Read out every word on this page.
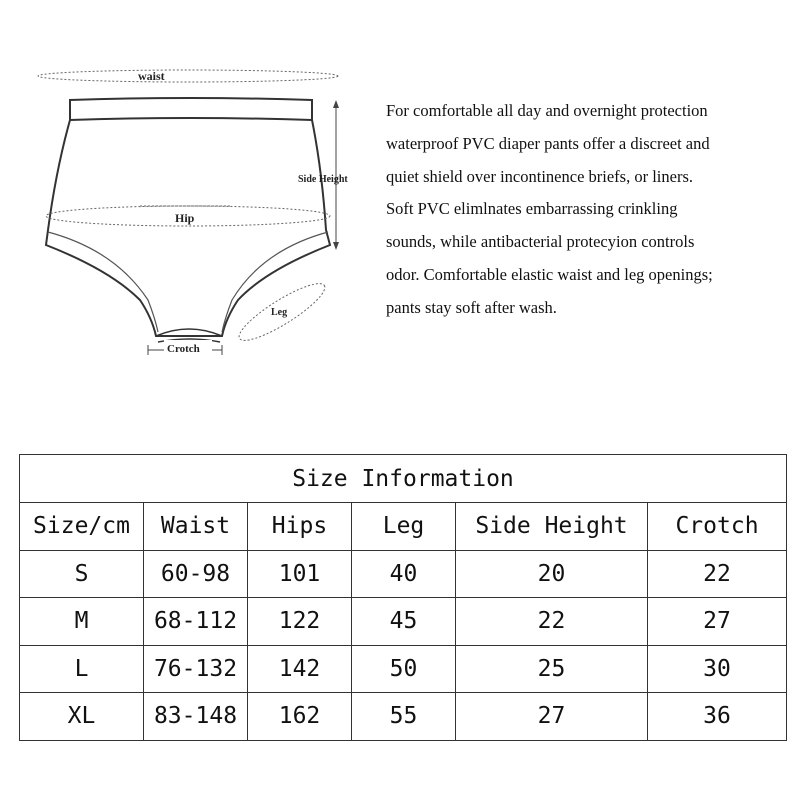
waist
Hip
Side Height
Leg
Crotch
For comfortable all day and overnight protection
waterproof PVC diaper pants offer a discreet and
quiet shield over incontinence briefs, or liners.
Soft PVC elimlnates embarrassing crinkling
sounds, while antibacterial protecyion controls
odor. Comfortable elastic waist and leg openings;
pants stay soft after wash.
Size Information					
Size/cm	Waist	Hips	Leg	Side Height	Crotch
S	60-98	101	40	20	22
M	68-112	122	45	22	27
L	76-132	142	50	25	30
XL	83-148	162	55	27	36
